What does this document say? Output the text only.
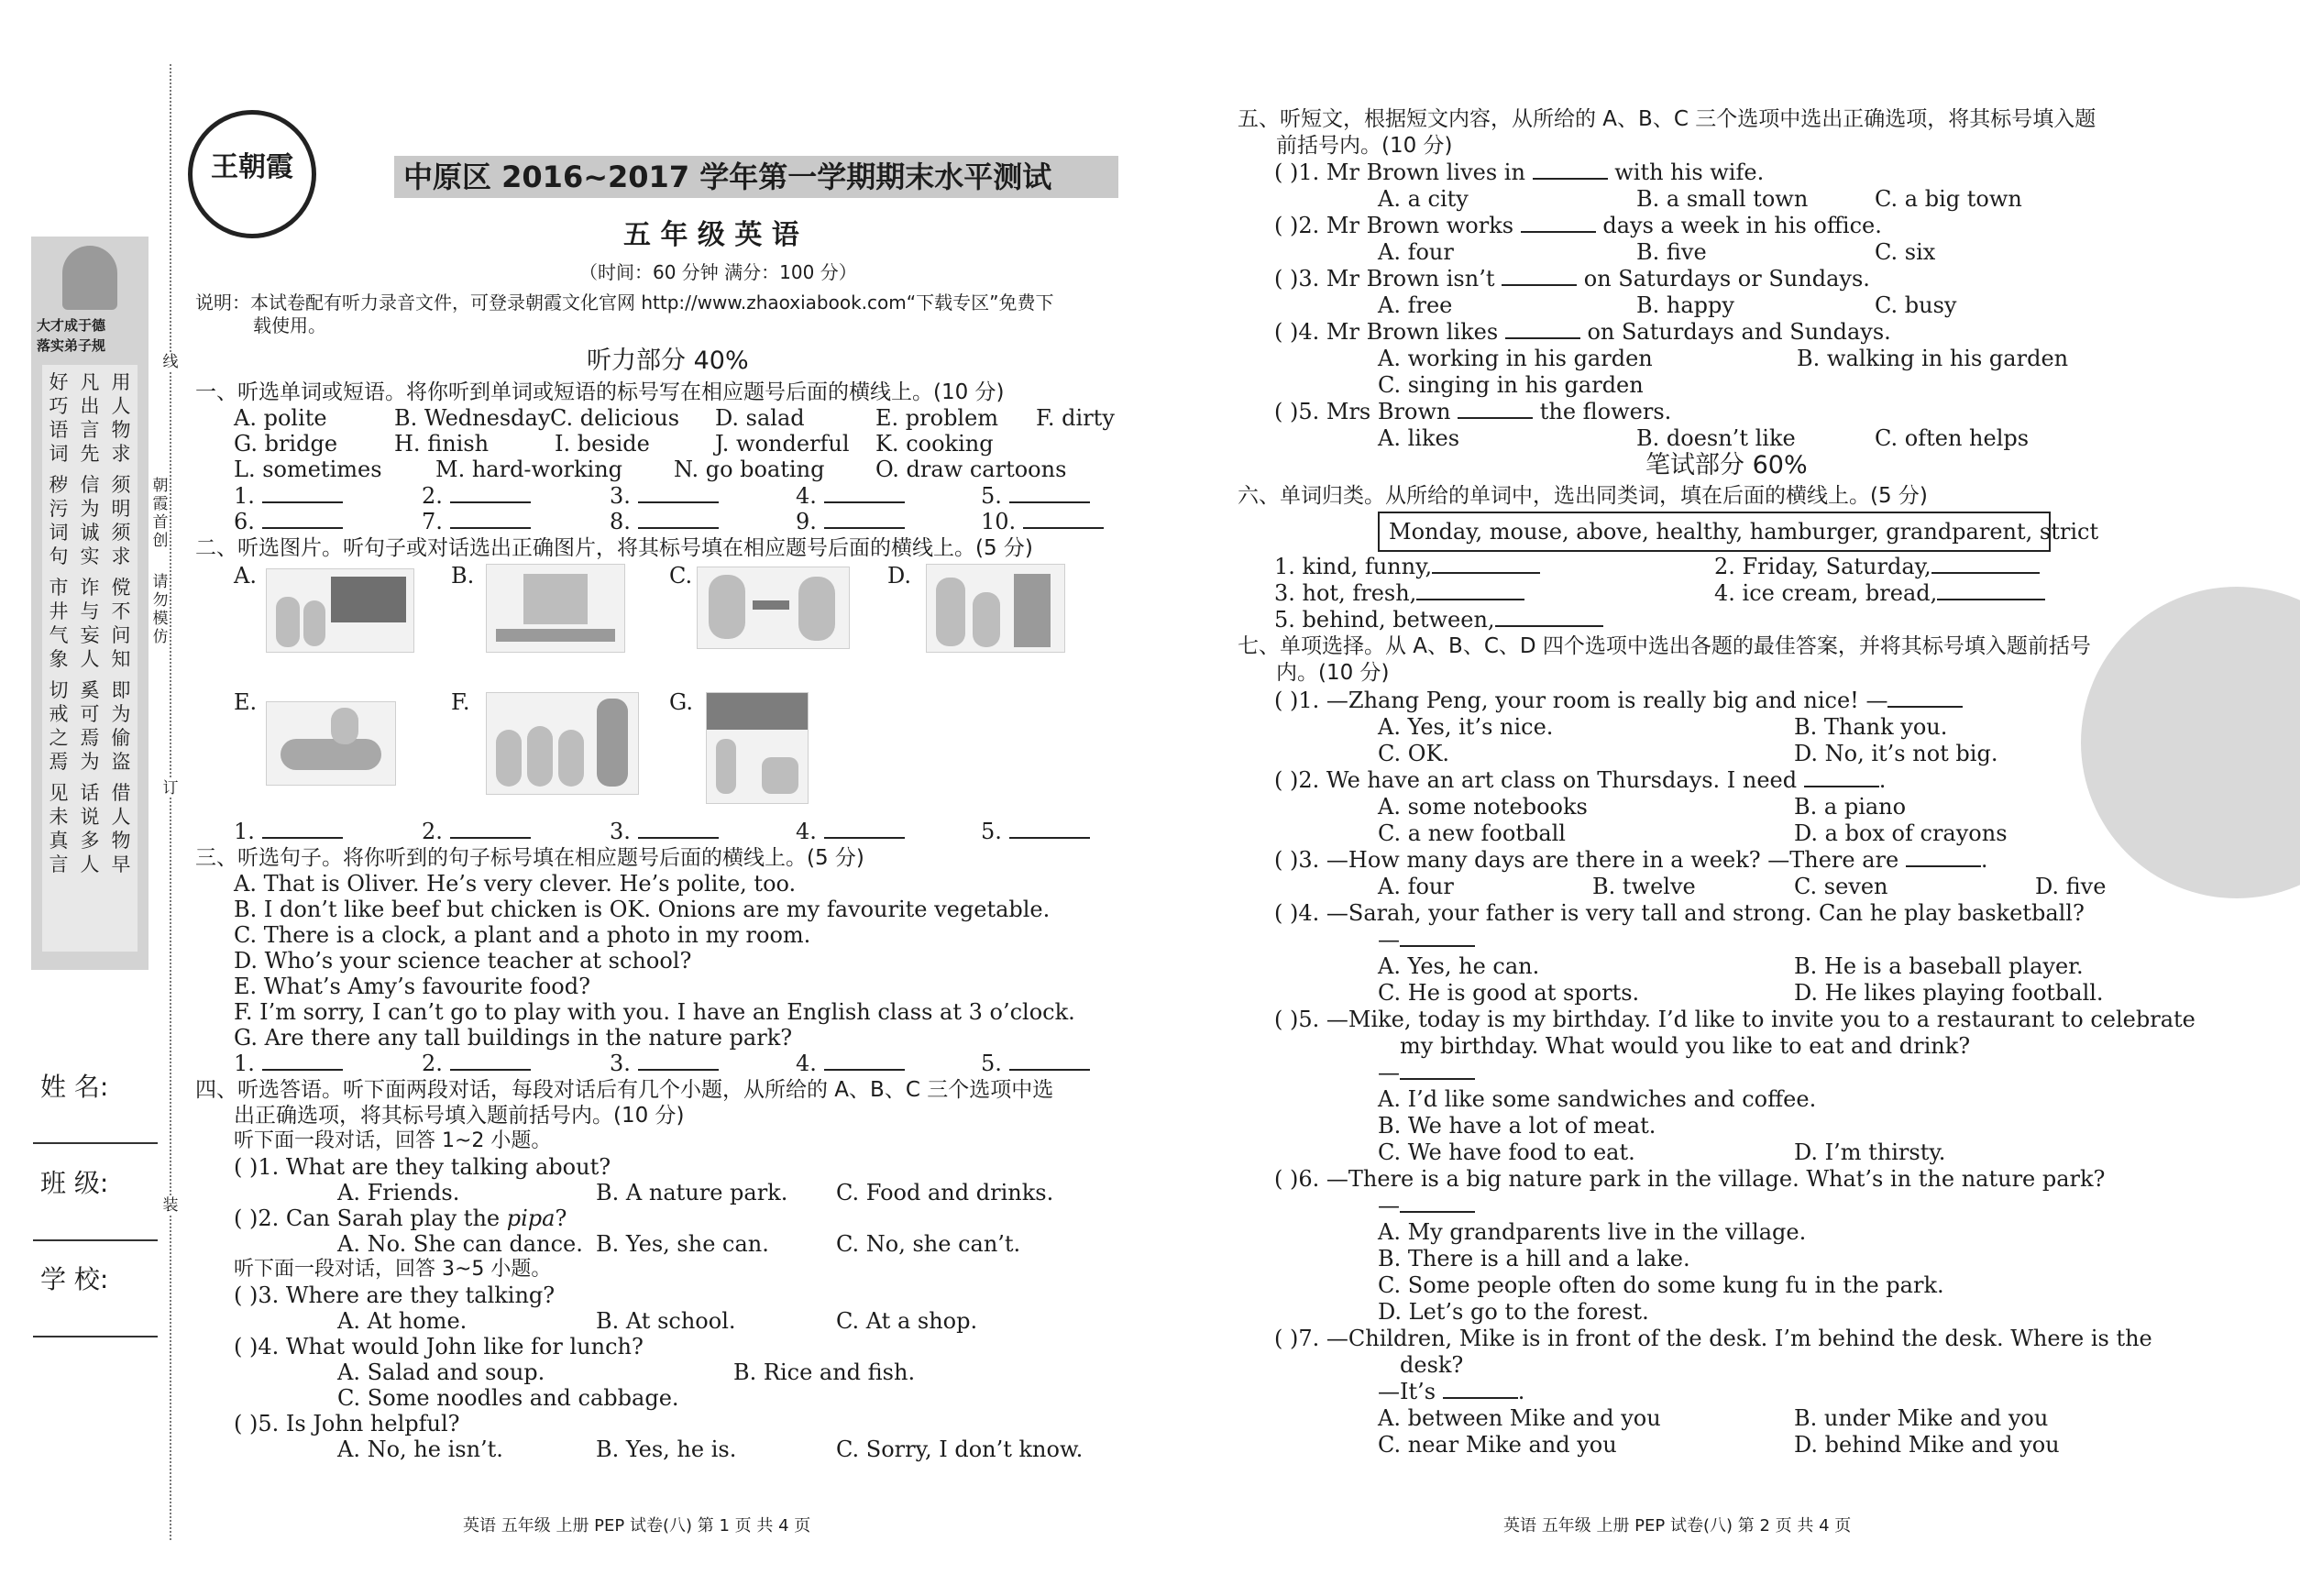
大才成于德
落实弟子规
好巧语词
凡出言先
用人物求
秽污词句
信为诚实
须明须求
市井气象
诈与妄人
傥不问知
切戒之焉
奚可焉为
即为偷盗
见未真言
话说多人
借人物早
线
订
装
朝霞首创
请勿模仿
姓 名:
班 级:
学 校:
王朝霞	中原区 2016~2017 学年第一学期期末水平测试
五 年 级 英 语
（时间：60 分钟 满分：100 分）
说明：本试卷配有听力录音文件，可登录朝霞文化官网 http://www.zhaoxiabook.com“下载专区”免费下
载使用。
听力部分 40%
一、听选单词或短语。将你听到单词或短语的标号写在相应题号后面的横线上。(10 分)
A. polite	B. Wednesday C. delicious D. salad	E. problem F. dirty
G. bridge	H. finish	I. beside	J. wonderful K. cooking
L. sometimes M. hard-working N. go boating O. draw cartoons
1.	2.	3.	4.	5.
6.	7.	8.	9.	10.
二、听选图片。听句子或对话选出正确图片，将其标号填在相应题号后面的横线上。(5 分)
A.	B.	C.	D.
E.	F.	G.
1.	2.	3.	4.	5.
三、听选句子。将你听到的句子标号填在相应题号后面的横线上。(5 分)
A. That is Oliver. He’s very clever. He’s polite, too.
B. I don’t like beef but chicken is OK. Onions are my favourite vegetable.
C. There is a clock, a plant and a photo in my room.
D. Who’s your science teacher at school?
E. What’s Amy’s favourite food?
F. I’m sorry, I can’t go to play with you. I have an English class at 3 o’clock.
G. Are there any tall buildings in the nature park?
1.	2.	3.	4.	5.
四、听选答语。听下面两段对话，每段对话后有几个小题，从所给的 A、B、C 三个选项中选
出正确选项，将其标号填入题前括号内。(10 分)
听下面一段对话，回答 1~2 小题。
( )1. What are they talking about?
A. Friends.	B. A nature park. C. Food and drinks.
( )2. Can Sarah play the pipa?
A. No. She can dance. B. Yes, she can.	C. No, she can’t.
听下面一段对话，回答 3~5 小题。
( )3. Where are they talking?
A. At home.	B. At school.	C. At a shop.
( )4. What would John like for lunch?
A. Salad and soup.	B. Rice and fish.
C. Some noodles and cabbage.
( )5. Is John helpful?
A. No, he isn’t.	B. Yes, he is.	C. Sorry, I don’t know.
英语 五年级 上册 PEP 试卷(八) 第 1 页 共 4 页
五、听短文，根据短文内容，从所给的 A、B、C 三个选项中选出正确选项，将其标号填入题
前括号内。(10 分)
( )1. Mr Brown lives in	with his wife.
A. a city	B. a small town	C. a big town
( )2. Mr Brown works	days a week in his office.
A. four	B. five	C. six
( )3. Mr Brown isn’t	on Saturdays or Sundays.
A. free	B. happy	C. busy
( )4. Mr Brown likes	on Saturdays and Sundays.
A. working in his garden	B. walking in his garden
C. singing in his garden
( )5. Mrs Brown	the flowers.
A. likes	B. doesn’t like	C. often helps
笔试部分 60%
六、单词归类。从所给的单词中，选出同类词，填在后面的横线上。(5 分)
Monday, mouse, above, healthy, hamburger, grandparent, strict
1. kind, funny,	2. Friday, Saturday,
3. hot, fresh,	4. ice cream, bread,
5. behind, between,
七、单项选择。从 A、B、C、D 四个选项中选出各题的最佳答案，并将其标号填入题前括号
内。(10 分)
( )1. —Zhang Peng, your room is really big and nice! —
A. Yes, it’s nice.	B. Thank you.
C. OK.	D. No, it’s not big.
( )2. We have an art class on Thursdays. I need	.
A. some notebooks	B. a piano
C. a new football	D. a box of crayons
( )3. —How many days are there in a week? —There are	.
A. four	B. twelve	C. seven	D. five
( )4. —Sarah, your father is very tall and strong. Can he play basketball?
—
A. Yes, he can.	B. He is a baseball player.
C. He is good at sports.	D. He likes playing football.
( )5. —Mike, today is my birthday. I’d like to invite you to a restaurant to celebrate
my birthday. What would you like to eat and drink?
—
A. I’d like some sandwiches and coffee.
B. We have a lot of meat.
C. We have food to eat.	D. I’m thirsty.
( )6. —There is a big nature park in the village. What’s in the nature park?
—
A. My grandparents live in the village.
B. There is a hill and a lake.
C. Some people often do some kung fu in the park.
D. Let’s go to the forest.
( )7. —Children, Mike is in front of the desk. I’m behind the desk. Where is the
desk?
—It’s	.
A. between Mike and you	B. under Mike and you
C. near Mike and you	D. behind Mike and you
英语 五年级 上册 PEP 试卷(八) 第 2 页 共 4 页
